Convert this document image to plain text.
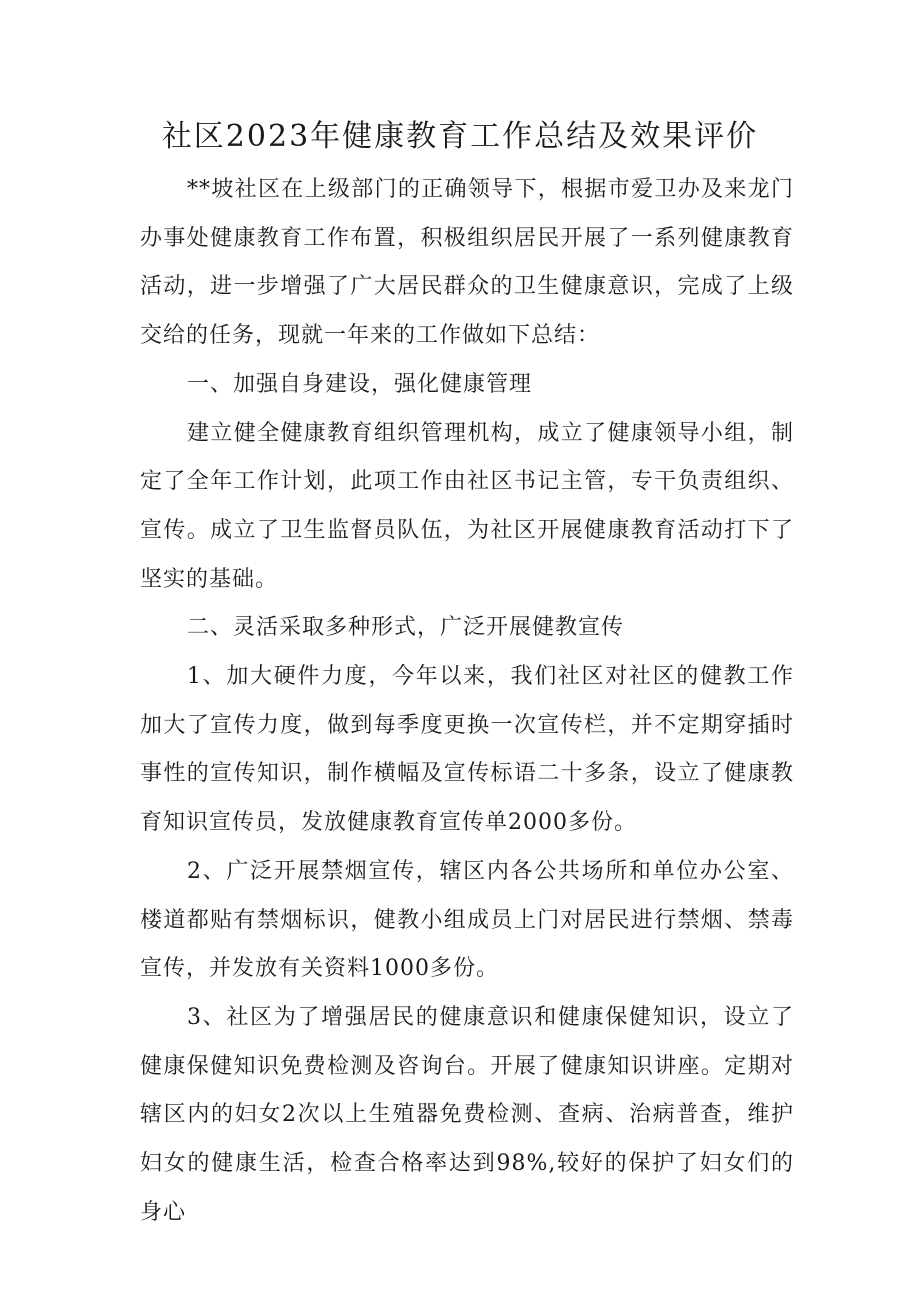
社区2023年健康教育工作总结及效果评价

**坡社区在上级部门的正确领导下，根据市爱卫办及来龙门办事处健康教育工作布置，积极组织居民开展了一系列健康教育活动，进一步增强了广大居民群众的卫生健康意识，完成了上级交给的任务，现就一年来的工作做如下总结：

一、加强自身建设，强化健康管理

建立健全健康教育组织管理机构，成立了健康领导小组，制定了全年工作计划，此项工作由社区书记主管，专干负责组织、宣传。成立了卫生监督员队伍，为社区开展健康教育活动打下了坚实的基础。

二、灵活采取多种形式，广泛开展健教宣传

1、加大硬件力度，今年以来，我们社区对社区的健教工作加大了宣传力度，做到每季度更换一次宣传栏，并不定期穿插时事性的宣传知识，制作横幅及宣传标语二十多条，设立了健康教育知识宣传员，发放健康教育宣传单2000多份。

2、广泛开展禁烟宣传，辖区内各公共场所和单位办公室、楼道都贴有禁烟标识，健教小组成员上门对居民进行禁烟、禁毒宣传，并发放有关资料1000多份。

3、社区为了增强居民的健康意识和健康保健知识，设立了健康保健知识免费检测及咨询台。开展了健康知识讲座。定期对辖区内的妇女2次以上生殖器免费检测、查病、治病普查，维护妇女的健康生活，检查合格率达到98%,较好的保护了妇女们的身心
